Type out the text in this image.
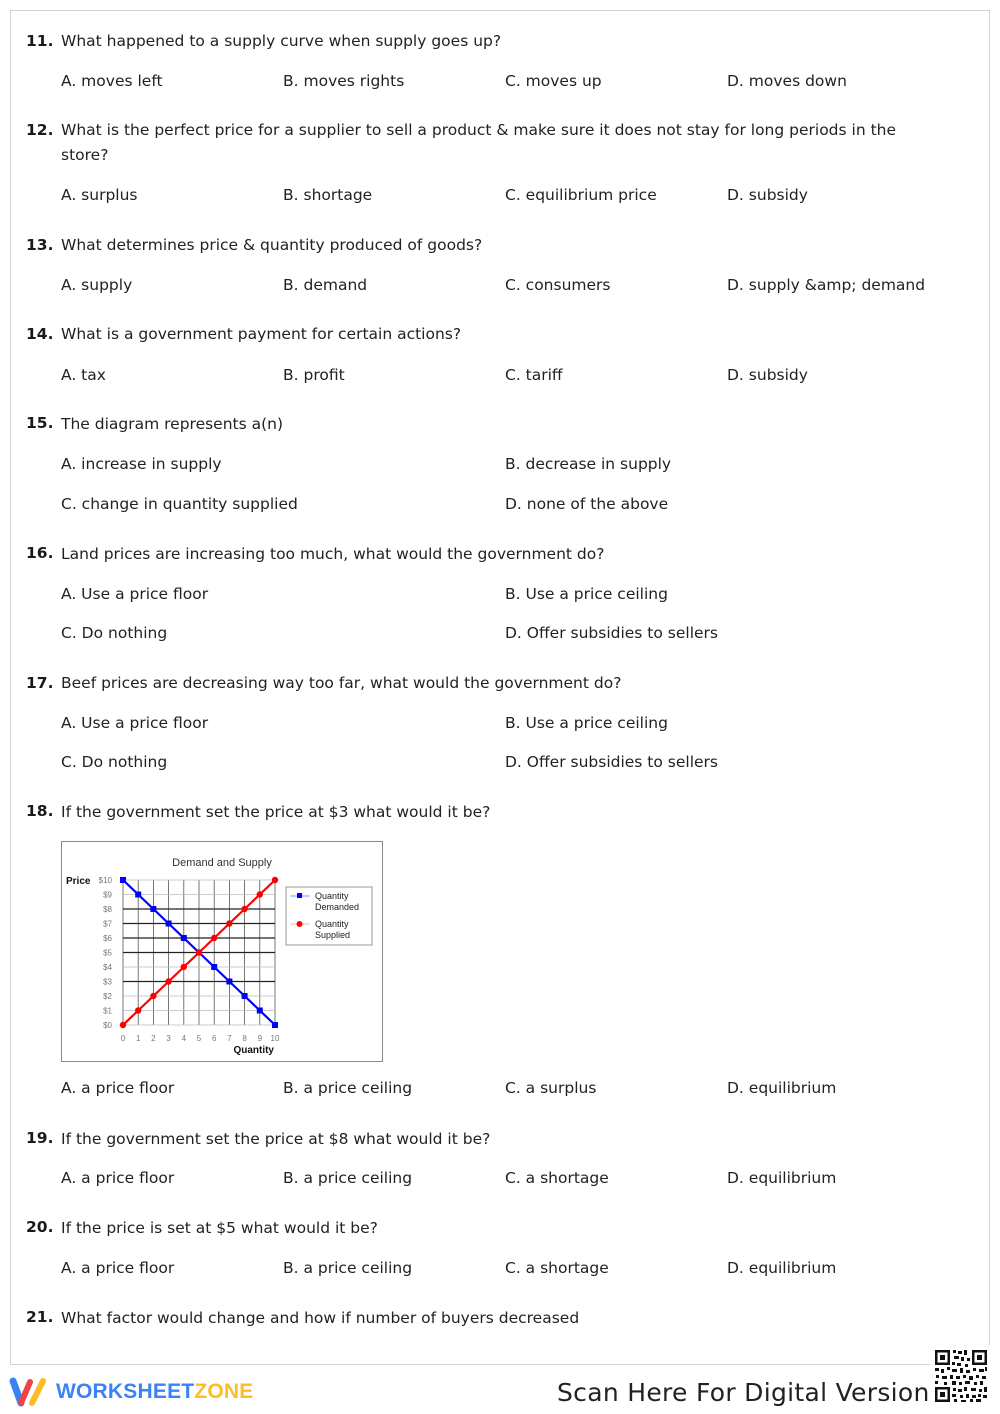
11. What happened to a supply curve when supply goes up?
A. moves left	B. moves rights	C. moves up	D. moves down
12. What is the perfect price for a supplier to sell a product & make sure it does not stay for long periods in the store?
A. surplus	B. shortage	C. equilibrium price	D. subsidy
13. What determines price & quantity produced of goods?
A. supply	B. demand	C. consumers	D. supply &amp; demand
14. What is a government payment for certain actions?
A. tax	B. profit	C. tariff	D. subsidy
15. The diagram represents a(n)
A. increase in supply	B. decrease in supply
C. change in quantity supplied	D. none of the above
16. Land prices are increasing too much, what would the government do?
A. Use a price floor	B. Use a price ceiling
C. Do nothing	D. Offer subsidies to sellers
17. Beef prices are decreasing way too far, what would the government do?
A. Use a price floor	B. Use a price ceiling
C. Do nothing	D. Offer subsidies to sellers
18. If the government set the price at $3 what would it be?
Demand and Supply
Price
Quantity
$0
$1
$2
$3
$4
$5
$6
$7
$8
$9
$10
0 1 2 3 4 5 6 7 8 9 10
Quantity
Demanded
Quantity
Supplied
A. a price floor	B. a price ceiling	C. a surplus	D. equilibrium
19. If the government set the price at $8 what would it be?
A. a price floor	B. a price ceiling	C. a shortage	D. equilibrium
20. If the price is set at $5 what would it be?
A. a price floor	B. a price ceiling	C. a shortage	D. equilibrium
21. What factor would change and how if number of buyers decreased
WORKSHEETZONE	Scan Here For Digital Version
